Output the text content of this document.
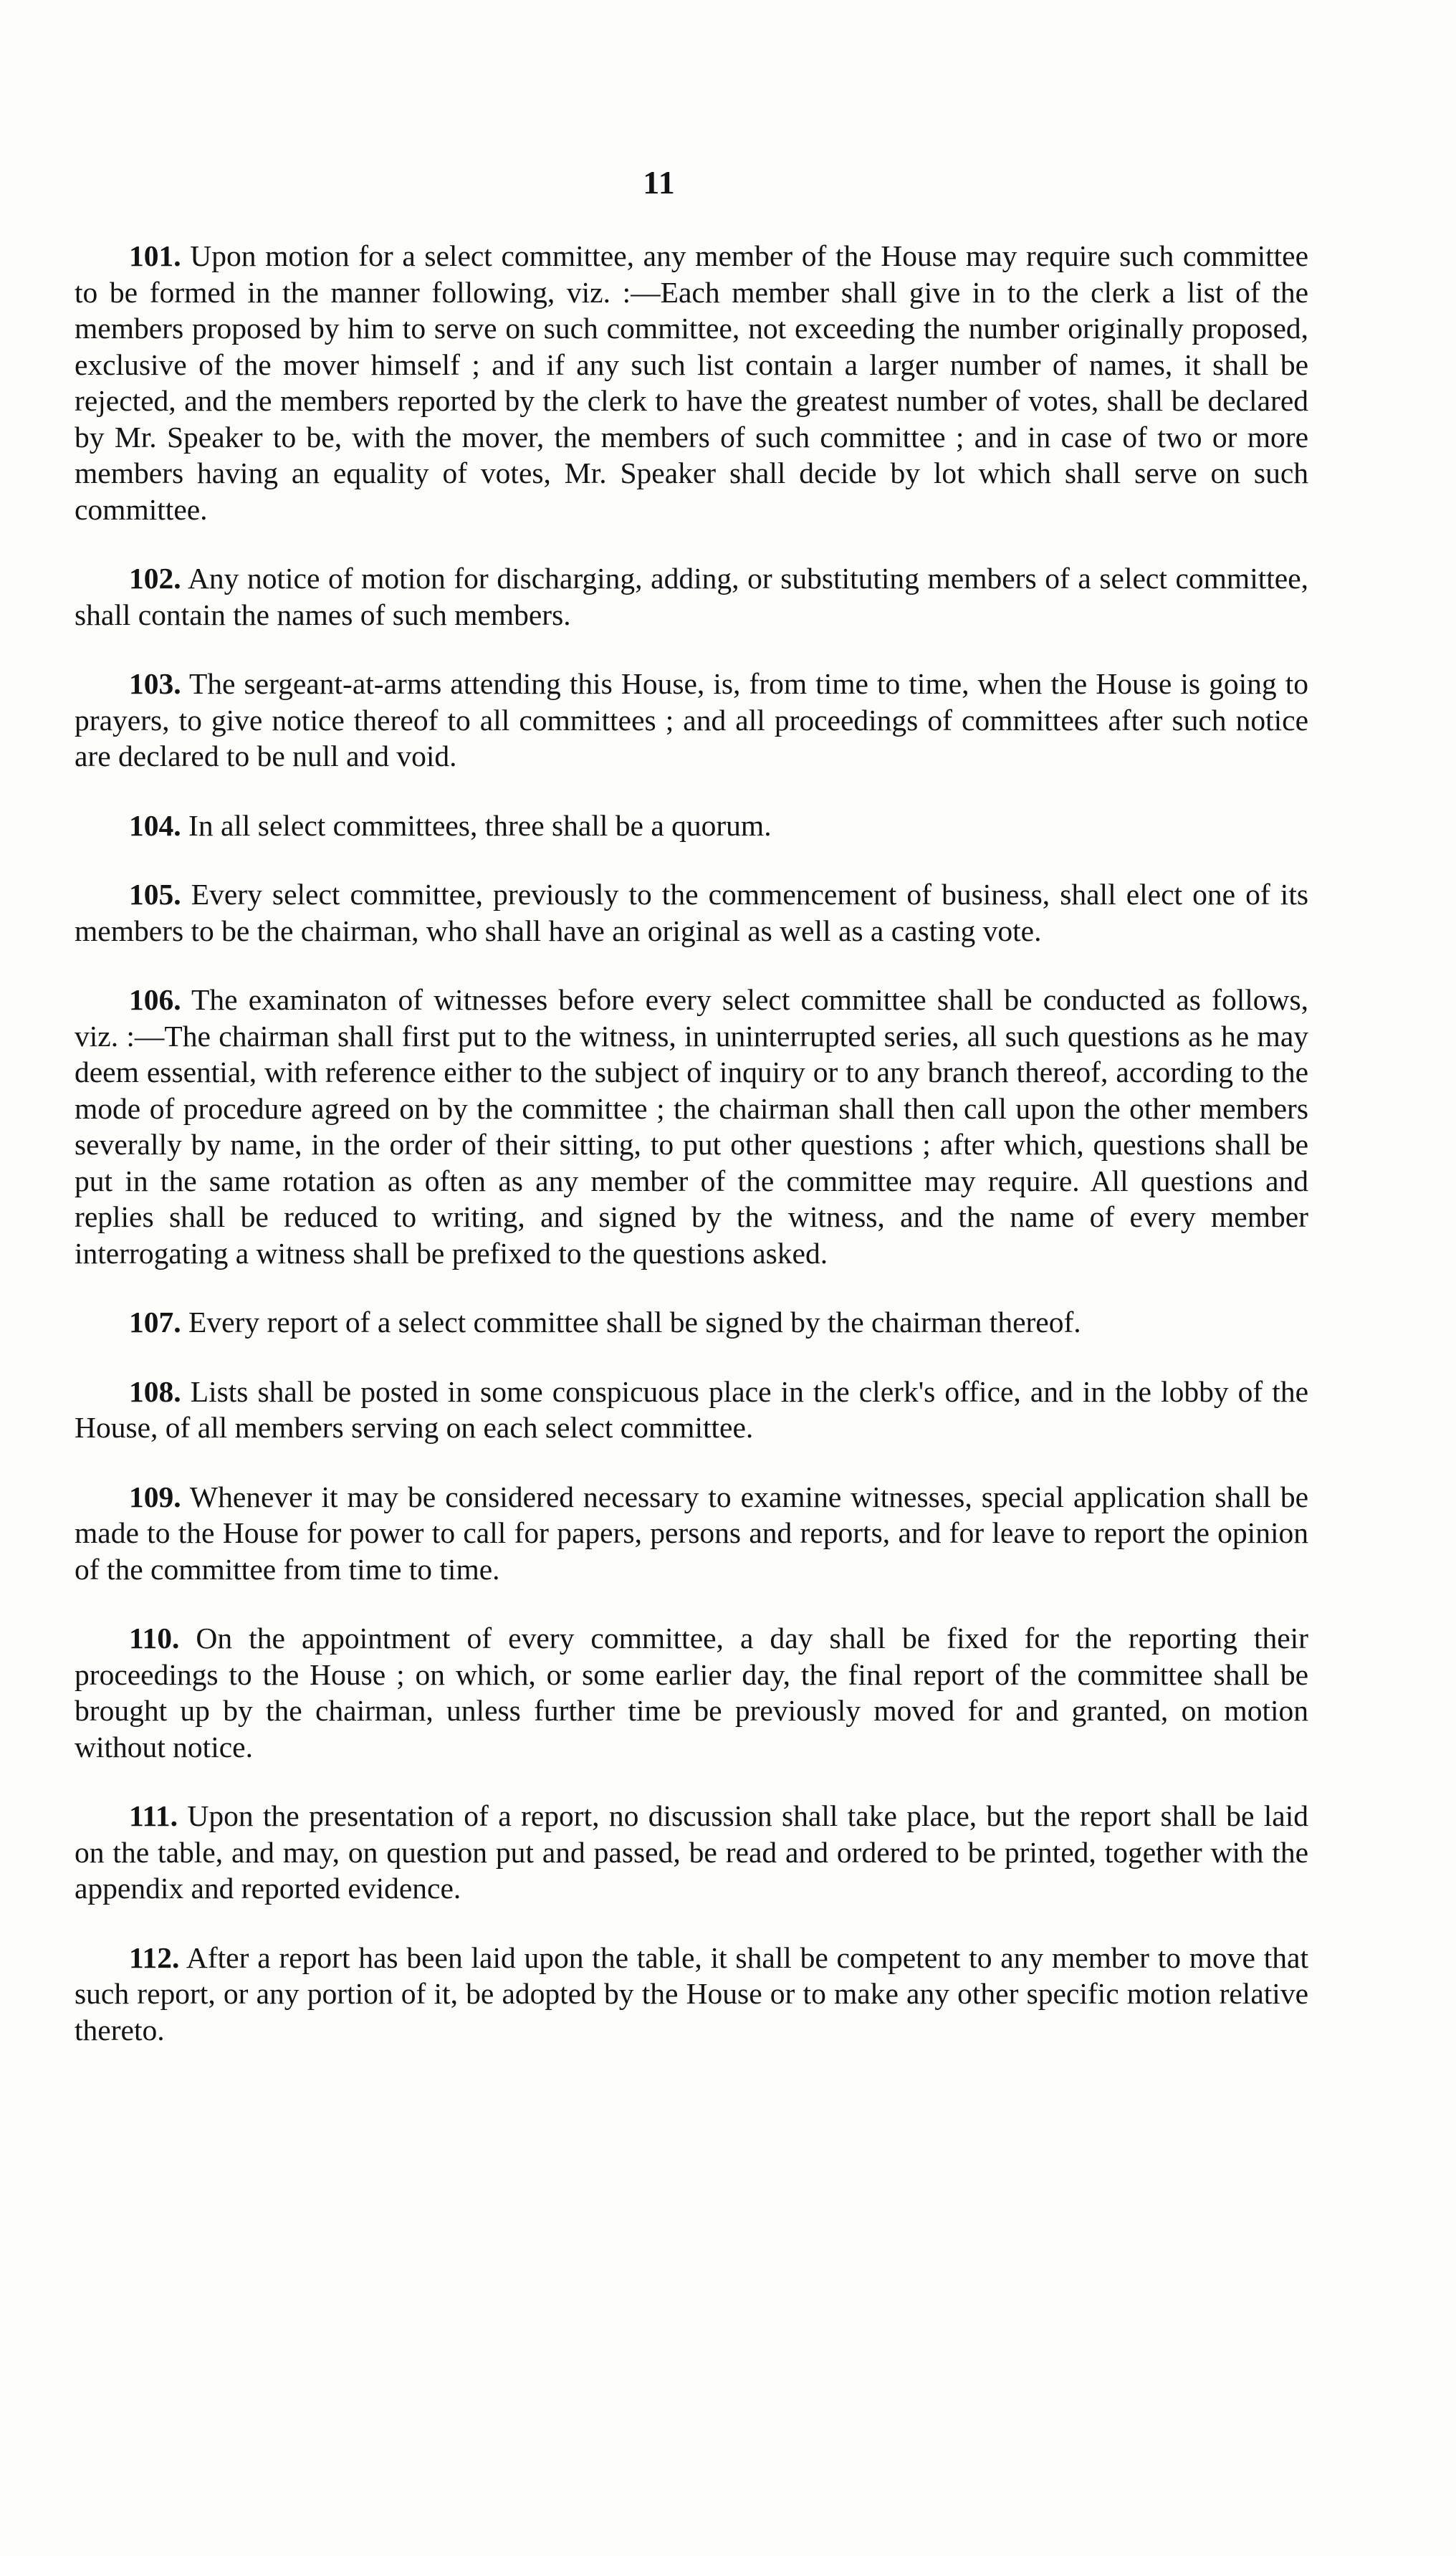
11

101. Upon motion for a select committee, any member of the House may require such committee to be formed in the manner following, viz. :—Each member shall give in to the clerk a list of the members proposed by him to serve on such committee, not exceeding the number originally proposed, exclusive of the mover himself ; and if any such list contain a larger number of names, it shall be rejected, and the members reported by the clerk to have the greatest number of votes, shall be declared by Mr. Speaker to be, with the mover, the members of such committee ; and in case of two or more members having an equality of votes, Mr. Speaker shall decide by lot which shall serve on such committee.

102. Any notice of motion for discharging, adding, or substituting members of a select committee, shall contain the names of such members.

103. The sergeant-at-arms attending this House, is, from time to time, when the House is going to prayers, to give notice thereof to all committees ; and all proceedings of committees after such notice are declared to be null and void.

104. In all select committees, three shall be a quorum.

105. Every select committee, previously to the commencement of business, shall elect one of its members to be the chairman, who shall have an original as well as a casting vote.

106. The examinaton of witnesses before every select committee shall be conducted as follows, viz. :—The chairman shall first put to the witness, in uninterrupted series, all such questions as he may deem essential, with reference either to the subject of inquiry or to any branch thereof, according to the mode of procedure agreed on by the committee ; the chairman shall then call upon the other members severally by name, in the order of their sitting, to put other questions ; after which, questions shall be put in the same rotation as often as any member of the committee may require. All questions and replies shall be reduced to writing, and signed by the witness, and the name of every member interrogating a witness shall be prefixed to the questions asked.

107. Every report of a select committee shall be signed by the chairman thereof.

108. Lists shall be posted in some conspicuous place in the clerk's office, and in the lobby of the House, of all members serving on each select committee.

109. Whenever it may be considered necessary to examine witnesses, special application shall be made to the House for power to call for papers, persons and reports, and for leave to report the opinion of the committee from time to time.

110. On the appointment of every committee, a day shall be fixed for the reporting their proceedings to the House ; on which, or some earlier day, the final report of the committee shall be brought up by the chairman, unless further time be previously moved for and granted, on motion without notice.

111. Upon the presentation of a report, no discussion shall take place, but the report shall be laid on the table, and may, on question put and passed, be read and ordered to be printed, together with the appendix and reported evidence.

112. After a report has been laid upon the table, it shall be competent to any member to move that such report, or any portion of it, be adopted by the House or to make any other specific motion relative thereto.
